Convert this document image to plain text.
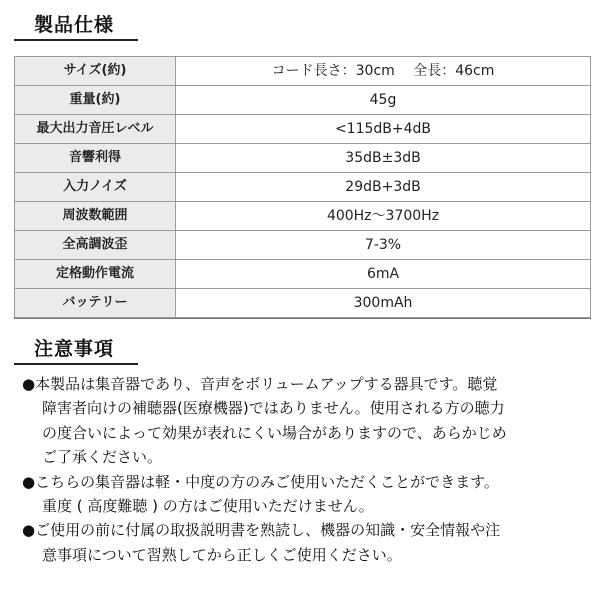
製品仕様
サイズ(約)	コード長さ：30cm　 全長：46cm
重量(約)	45g
最大出力音圧レベル	<115dB+4dB
音響利得	35dB±3dB
入力ノイズ	29dB+3dB
周波数範囲	400Hz～3700Hz
全高調波歪	7-3%
定格動作電流	6mA
バッテリー	300mAh
注意事項
●本製品は集音器であり、音声をボリュームアップする器具です。聴覚
障害者向けの補聴器(医療機器)ではありません。使用される方の聴力
の度合いによって効果が表れにくい場合がありますので、あらかじめ
ご了承ください。
●こちらの集音器は軽・中度の方のみご使用いただくことができます。
重度 ( 高度難聴 ) の方はご使用いただけません。
●ご使用の前に付属の取扱説明書を熟読し、機器の知識・安全情報や注
意事項について習熟してから正しくご使用ください。
